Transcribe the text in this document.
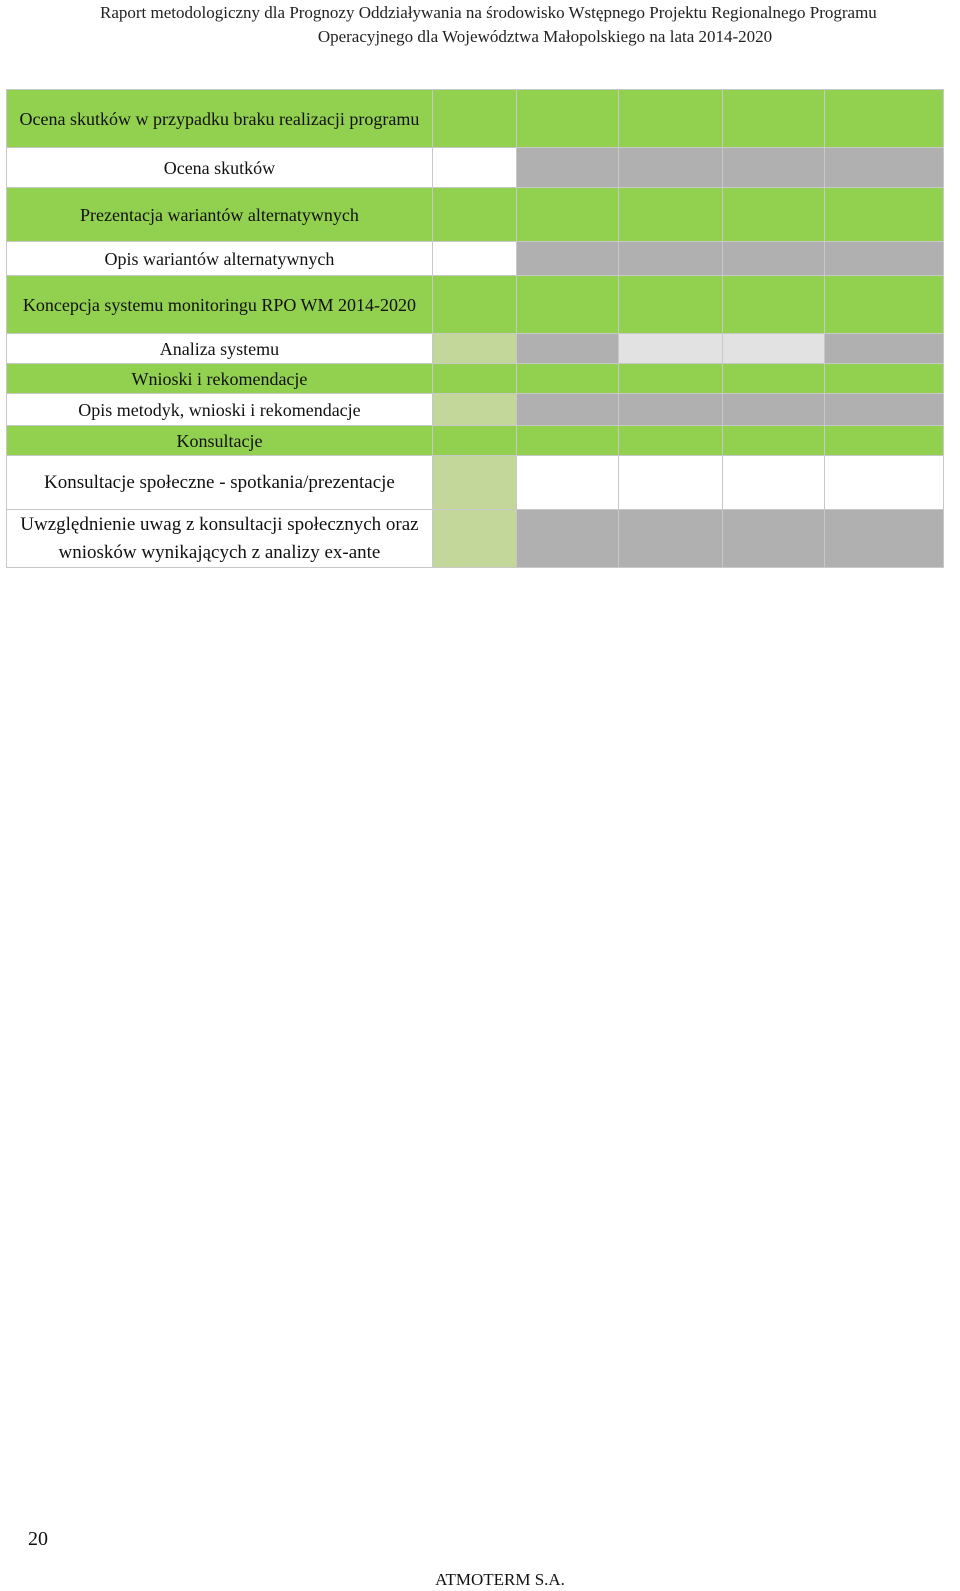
Raport metodologiczny dla Prognozy Oddziaływania na środowisko Wstępnego Projektu Regionalnego Programu
Operacyjnego dla Województwa Małopolskiego na lata 2014-2020
Ocena skutków w przypadku braku realizacji programu					
Ocena skutków					
Prezentacja wariantów alternatywnych					
Opis wariantów alternatywnych					
Koncepcja systemu monitoringu RPO WM 2014-2020					
Analiza systemu					
Wnioski i rekomendacje					
Opis metodyk, wnioski i rekomendacje					
Konsultacje					
Konsultacje społeczne - spotkania/prezentacje					
Uwzględnienie uwag z konsultacji społecznych oraz wniosków wynikających z analizy ex-ante					
20
ATMOTERM S.A.
